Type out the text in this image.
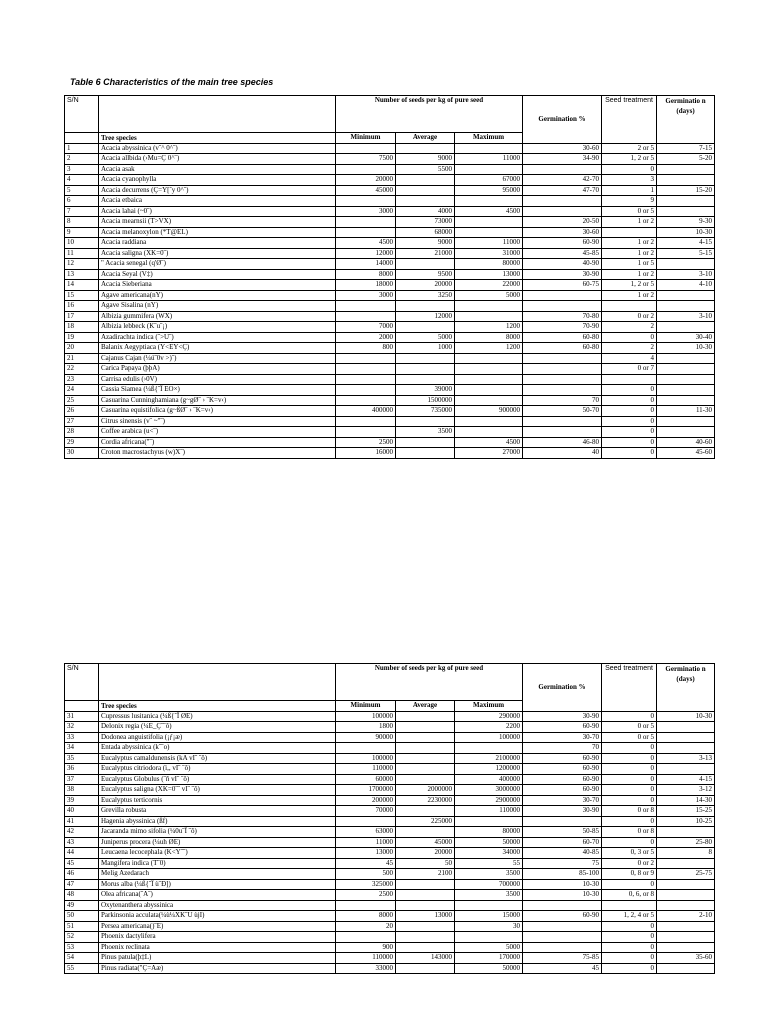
Table 6 Characteristics of the main tree species
S/N		Number of seeds per kg of pure seed			Germination %	Seed treatment	Germinatio n (days)
	Tree species	Minimum	Average	Maximum			
1	Acacia abyssinica (v˝^ 0^˝)				30-60	2 or 5	7-15
2	Acacia allbida (›Mu=Ç 0^˝)	7500	9000	11000	34-90	1, 2 or 5	5-20
3	Acacia asak		5500			0	
4	Acacia cyanophylla	20000		67000	42-70	3	
5	Acacia decurrens (Ç=Y[ˆy 0^˝)	45000		95000	47-70	1	15-20
6	Acacia etbaica					9	
7	Acacia lahai (~0˝)	3000	4000	4500		0 or 5	
8	Acacia mearnsii (T>VX)		73000		20-50	1 or 2	9-30
9	Acacia melanoxylon (*T@EL)		68000		30-60		10-30
10	Acacia raddiana	4500	9000	11000	60-90	1 or 2	4-15
11	Acacia saligna (XK=0˝)	12000	21000	31000	45-85	1 or 2	5-15
12	" Acacia senegal (q'Ø˝)	14000		80000	40-90	1 or 5	
13	Acacia Seyal (V‡)	8000	9500	13000	30-90	1 or 2	3-10
14	Acacia Sieberiana	18000	20000	22000	60-75	1, 2 or 5	4-10
15	Agave americana(nY)	3000	3250	5000		1 or 2	
16	Agave Sisalina (nY)						
17	Albizia gummifera (WX)		12000		70-80	0 or 2	3-10
18	Albizia lebbeck (K˝u˝¡)	7000		1200	70-90	2	
19	Azadirachta indica (˝>U˝)	2000	5000	8000	60-80	0	30-40
20	Balanix Aegyptiaca (Y<EY<Ç)	800	1000	1200	60-80	2	10-30
21	Cajanus Cajan (¼ú˝0v >)˝)					4	
22	Carica Papaya (þþA)					0 or 7	
23	Carrisa edulis (›0V)						
24	Cassia Siamea (¼ß{ˆÎ EO×)		39000			0	
25	Casuarina Cunninghamiana (g~gØ˝ › ˝K=v‹)		1500000		70	0	
26	Casuarina equistifolica (g~ßØ˝ › ˝K=v‹)	400000	735000	900000	50-70	0	11-30
27	Citrus sinensis (v˝ ~"˝)					0	
28	Coffee arabica (u<˝)		3500			0	
29	Cordia africana("˝)	2500		4500	46-80	0	40-60
30	Croton macrostachyus (w)X˝)	16000		27000	40	0	45-60
S/N		Number of seeds per kg of pure seed			Germination %	Seed treatment	Germinatio n (days)
	Tree species	Minimum	Average	Maximum			
31	Cupressus lusitanica (¼ß{ˆÎ ØE)	100000		290000	30-90	0	10-30
32	Delonix regia (¼E_Ç˝˝õ)	1800		2200	60-90	0 or 5	
33	Dodonea anguistifolia (¡ƒ¡æ)	90000		100000	30-70	0 or 5	
34	Entada abyssinica (k˝˝o)				70	0	
35	Eucalyptus camaldunensis (kA vI˝ ˝õ)	100000		2100000	60-90	0	3-13
36	Eucalyptus citriodora (ì,, vI˝ ˝õ)	110000		1200000	60-90	0	
37	Eucalyptus Globulus (˝ñ vI˝ ˝õ)	60000		400000	60-90	0	4-15
38	Eucalyptus saligna (XK=0˝˝ vI˝ ˝õ)	1700000	2000000	3000000	60-90	0	3-12
39	Eucalyptus terticornis	200000	2230000	2900000	30-70	0	14-30
40	Grevilla robusta	70000		110000	30-90	0 or 8	15-25
41	Hagenia abyssinica (ßf)		225000			0	10-25
42	Jacaranda mimo sifolia (¼0u˝Î ˝õ)	63000		80000	50-85	0 or 8	
43	Juniperus procera (¼uh ØE)	11000	45000	50000	60-70	0	25-80
44	Leucaena lecocephala (K<Y˝˝)	13000	20000	34000	40-85	0, 3 or 5	8
45	Mangifera indica (T˝0)	45	50	55	75	0 or 2	
46	Melig Azedarach	500	2100	3500	85-100	0, 8 or 9	25-75
47	Morus alba (¼ß{ˆÎ ù˝Ð])	325000		700000	10-30	0	
48	Olea africana(˝A˝)	2500		3500	10-30	0, 6, or 8	
49	Oxytenanthera abyssinica						
50	Parkinsonia acculata(¼ù¼XK˝U ùjI)	8000	13000	15000	60-90	1, 2, 4 or 5	2-10
51	Persea americana()˝E)	20		30		0	
52	Phoenix dactylifera					0	
53	Phoenix reclinata	900		5000		0	
54	Pinus patula(þ‡L)	110000	143000	170000	75-85	0	35-60
55	Pinus radiata("Ç=Aæ)	33000		50000	45	0	
